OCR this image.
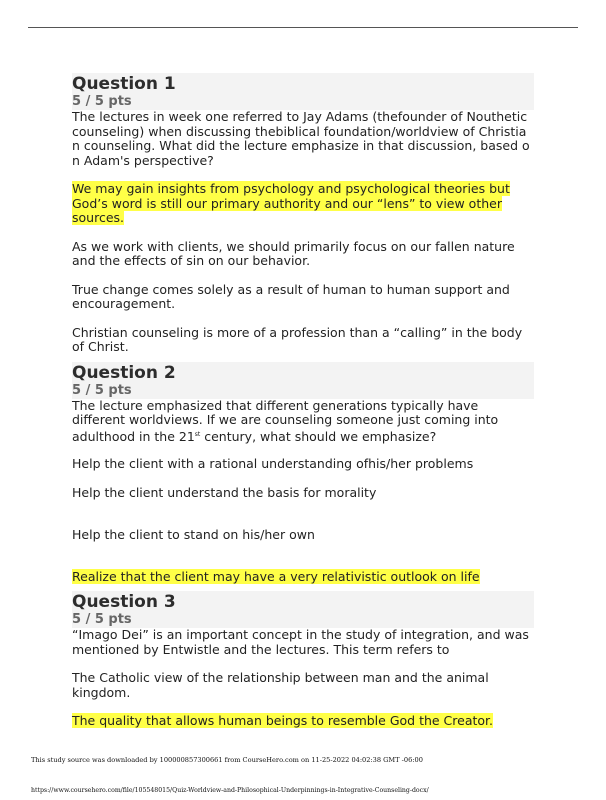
Question 1
5 / 5 pts

The lectures in week one referred to Jay Adams (thefounder of Nouthetic counseling) when discussing thebiblical foundation/worldview of Christian counseling. What did the lecture emphasize in that discussion, based on Adam's perspective?

We may gain insights from psychology and psychological theories but God’s word is still our primary authority and our “lens” to view other sources.

As we work with clients, we should primarily focus on our fallen nature and the effects of sin on our behavior.

True change comes solely as a result of human to human support and encouragement.

Christian counseling is more of a profession than a “calling” in the body of Christ.

Question 2
5 / 5 pts

The lecture emphasized that different generations typically have different worldviews. If we are counseling someone just coming into adulthood in the 21st century, what should we emphasize?

Help the client with a rational understanding ofhis/her problems

Help the client understand the basis for morality

Help the client to stand on his/her own

Realize that the client may have a very relativistic outlook on life

Question 3
5 / 5 pts

“Imago Dei” is an important concept in the study of integration, and was mentioned by Entwistle and the lectures. This term refers to

The Catholic view of the relationship between man and the animal kingdom.

The quality that allows human beings to resemble God the Creator.

This study source was downloaded by 100000857300661 from CourseHero.com on 11-25-2022 04:02:38 GMT -06:00
https://www.coursehero.com/file/105548015/Quiz-Worldview-and-Philosophical-Underpinnings-in-Integrative-Counseling-docx/
